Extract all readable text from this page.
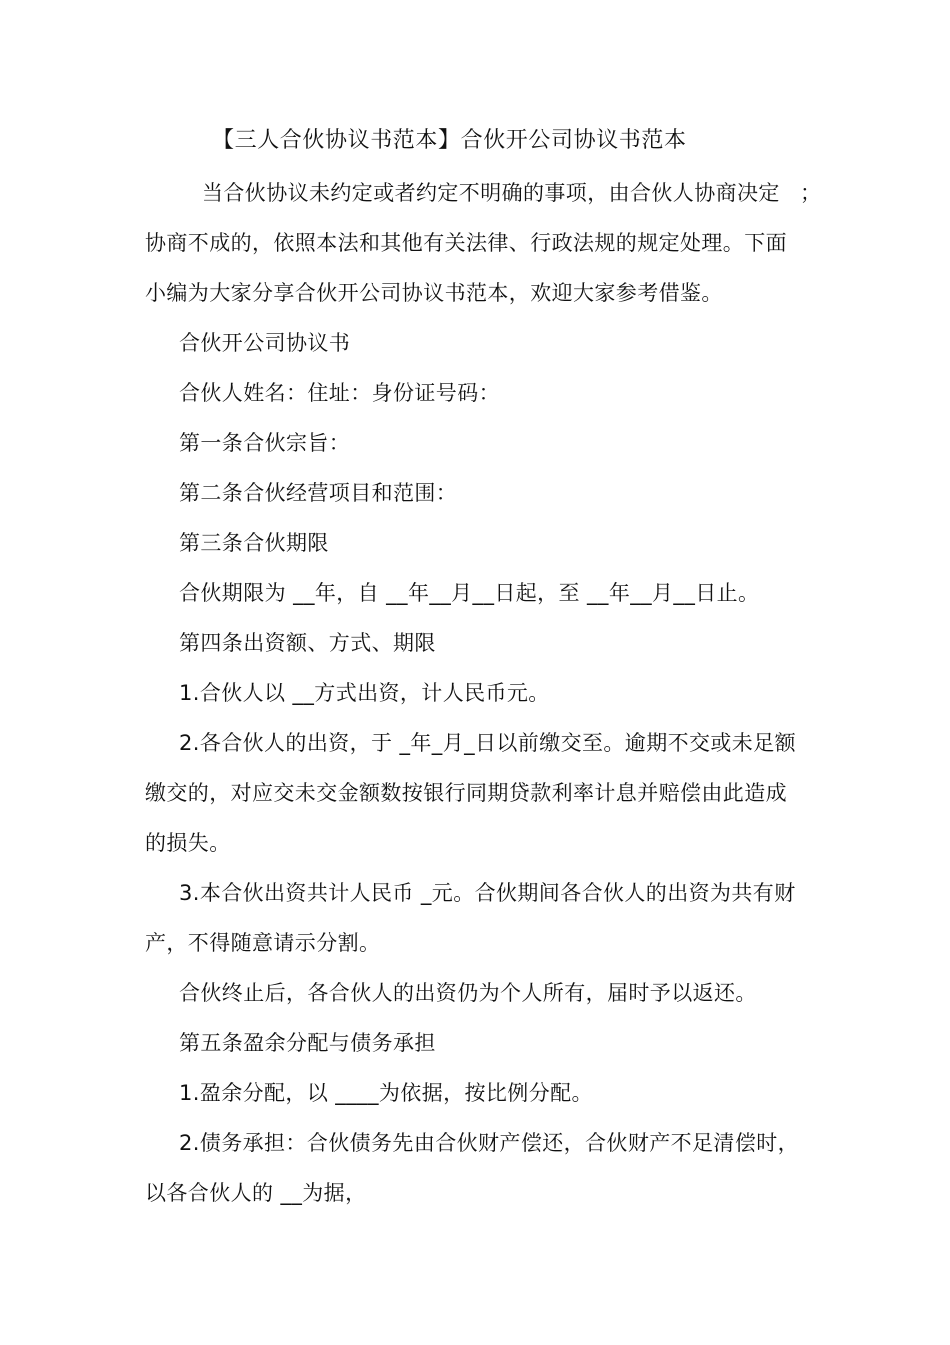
【三人合伙协议书范本】合伙开公司协议书范本
当合伙协议未约定或者约定不明确的事项，由合伙人协商决定 ；
协商不成的，依照本法和其他有关法律、行政法规的规定处理。下面
小编为大家分享合伙开公司协议书范本，欢迎大家参考借鉴。
合伙开公司协议书
合伙人姓名：住址：身份证号码：
第一条合伙宗旨：
第二条合伙经营项目和范围：
第三条合伙期限
合伙期限为 __年，自 __年__月__日起，至 __年__月__日止。
第四条出资额、方式、期限
1.合伙人以 __方式出资，计人民币元。
2.各合伙人的出资，于 _年_月_日以前缴交至。逾期不交或未足额
缴交的，对应交未交金额数按银行同期贷款利率计息并赔偿由此造成
的损失。
3.本合伙出资共计人民币 _元。合伙期间各合伙人的出资为共有财
产，不得随意请示分割。
合伙终止后，各合伙人的出资仍为个人所有，届时予以返还。
第五条盈余分配与债务承担
1.盈余分配，以 ____为依据，按比例分配。
2.债务承担：合伙债务先由合伙财产偿还，合伙财产不足清偿时，
以各合伙人的 __为据，
